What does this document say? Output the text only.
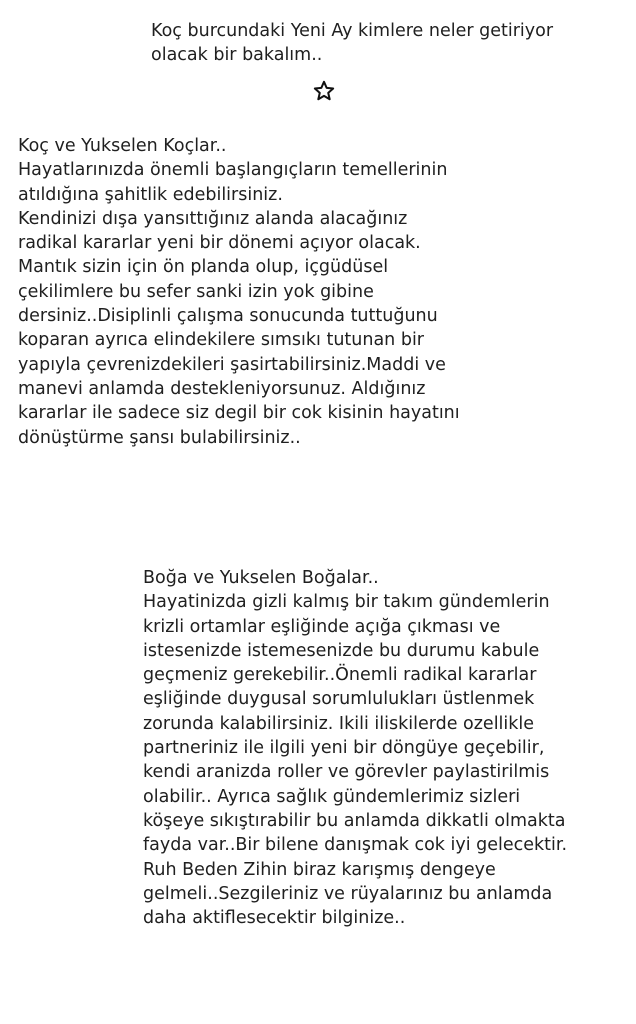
Koç burcundaki Yeni Ay kimlere neler getiriyor
olacak bir bakalım..
Koç ve Yukselen Koçlar..
Hayatlarınızda önemli başlangıçların temellerinin
atıldığına şahitlik edebilirsiniz.
Kendinizi dışa yansıttığınız alanda alacağınız
radikal kararlar yeni bir dönemi açıyor olacak.
Mantık sizin için ön planda olup, içgüdüsel
çekilimlere bu sefer sanki izin yok gibine
dersiniz..Disiplinli çalışma sonucunda tuttuğunu
koparan ayrıca elindekilere sımsıkı tutunan bir
yapıyla çevrenizdekileri şasirtabilirsiniz.Maddi ve
manevi anlamda destekleniyorsunuz. Aldığınız
kararlar ile sadece siz degil bir cok kisinin hayatını
dönüştürme şansı bulabilirsiniz..
Boğa ve Yukselen Boğalar..
Hayatinizda gizli kalmış bir takım gündemlerin
krizli ortamlar eşliğinde açığa çıkması ve
istesenizde istemesenizde bu durumu kabule
geçmeniz gerekebilir..Önemli radikal kararlar
eşliğinde duygusal sorumlulukları üstlenmek
zorunda kalabilirsiniz. Ikili iliskilerde ozellikle
partneriniz ile ilgili yeni bir döngüye geçebilir,
kendi aranizda roller ve görevler paylastirilmis
olabilir.. Ayrıca sağlık gündemlerimiz sizleri
köşeye sıkıştırabilir bu anlamda dikkatli olmakta
fayda var..Bir bilene danışmak cok iyi gelecektir.
Ruh Beden Zihin biraz karışmış dengeye
gelmeli..Sezgileriniz ve rüyalarınız bu anlamda
daha aktiflesecektir bilginize..
